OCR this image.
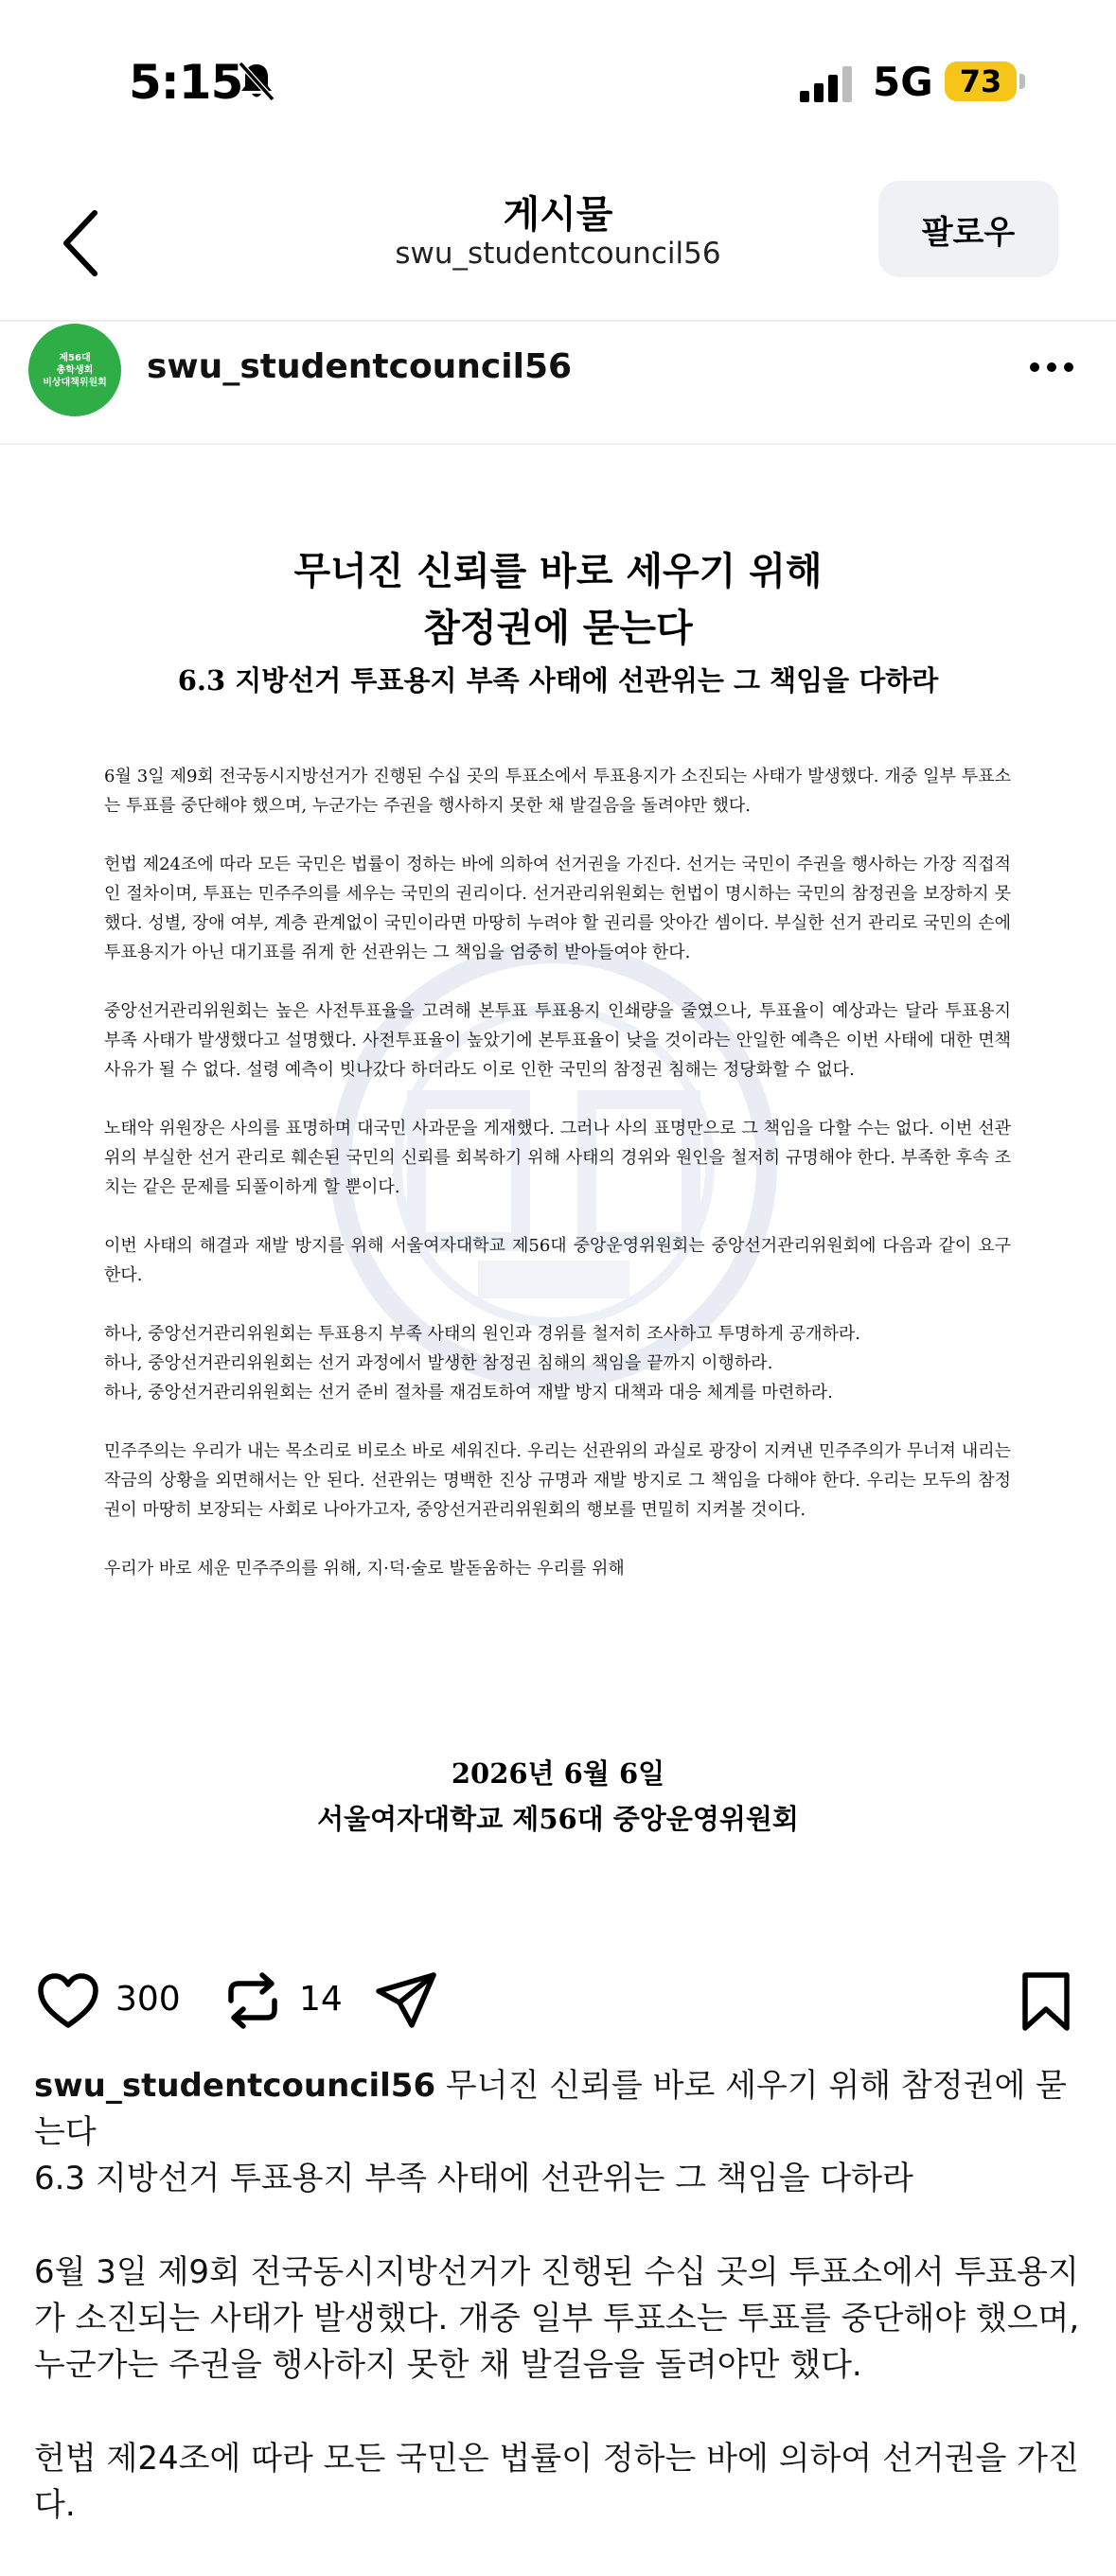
5:15	5G 73
게시물
swu_studentcouncil56
팔로우
제56대
총학생회
비상대책위원회 swu_studentcouncil56
무너진 신뢰를 바로 세우기 위해
참정권에 묻는다
6.3 지방선거 투표용지 부족 사태에 선관위는 그 책임을 다하라

6월 3일 제9회 전국동시지방선거가 진행된 수십 곳의 투표소에서 투표용지가 소진되는 사태가 발생했다. 개중 일부 투표소는 투표를 중단해야 했으며, 누군가는 주권을 행사하지 못한 채 발걸음을 돌려야만 했다.

헌법 제24조에 따라 모든 국민은 법률이 정하는 바에 의하여 선거권을 가진다. 선거는 국민이 주권을 행사하는 가장 직접적인 절차이며, 투표는 민주주의를 세우는 국민의 권리이다. 선거관리위원회는 헌법이 명시하는 국민의 참정권을 보장하지 못했다. 성별, 장애 여부, 계층 관계없이 국민이라면 마땅히 누려야 할 권리를 앗아간 셈이다. 부실한 선거 관리로 국민의 손에 투표용지가 아닌 대기표를 쥐게 한 선관위는 그 책임을 엄중히 받아들여야 한다.

중앙선거관리위원회는 높은 사전투표율을 고려해 본투표 투표용지 인쇄량을 줄였으나, 투표율이 예상과는 달라 투표용지 부족 사태가 발생했다고 설명했다. 사전투표율이 높았기에 본투표율이 낮을 것이라는 안일한 예측은 이번 사태에 대한 면책 사유가 될 수 없다. 설령 예측이 빗나갔다 하더라도 이로 인한 국민의 참정권 침해는 정당화할 수 없다.

노태악 위원장은 사의를 표명하며 대국민 사과문을 게재했다. 그러나 사의 표명만으로 그 책임을 다할 수는 없다. 이번 선관위의 부실한 선거 관리로 훼손된 국민의 신뢰를 회복하기 위해 사태의 경위와 원인을 철저히 규명해야 한다. 부족한 후속 조치는 같은 문제를 되풀이하게 할 뿐이다.

이번 사태의 해결과 재발 방지를 위해 서울여자대학교 제56대 중앙운영위원회는 중앙선거관리위원회에 다음과 같이 요구한다.

하나, 중앙선거관리위원회는 투표용지 부족 사태의 원인과 경위를 철저히 조사하고 투명하게 공개하라.

하나, 중앙선거관리위원회는 선거 과정에서 발생한 참정권 침해의 책임을 끝까지 이행하라.

하나, 중앙선거관리위원회는 선거 준비 절차를 재검토하여 재발 방지 대책과 대응 체계를 마련하라.

민주주의는 우리가 내는 목소리로 비로소 바로 세워진다. 우리는 선관위의 과실로 광장이 지켜낸 민주주의가 무너져 내리는 작금의 상황을 외면해서는 안 된다. 선관위는 명백한 진상 규명과 재발 방지로 그 책임을 다해야 한다. 우리는 모두의 참정권이 마땅히 보장되는 사회로 나아가고자, 중앙선거관리위원회의 행보를 면밀히 지켜볼 것이다.

우리가 바로 세운 민주주의를 위해, 지·덕·술로 발돋움하는 우리를 위해

2026년 6월 6일
서울여자대학교 제56대 중앙운영위원회
300	14

swu_studentcouncil56 무너진 신뢰를 바로 세우기 위해 참정권에 묻는다
6.3 지방선거 투표용지 부족 사태에 선관위는 그 책임을 다하라

6월 3일 제9회 전국동시지방선거가 진행된 수십 곳의 투표소에서 투표용지가 소진되는 사태가 발생했다. 개중 일부 투표소는 투표를 중단해야 했으며, 누군가는 주권을 행사하지 못한 채 발걸음을 돌려야만 했다.

헌법 제24조에 따라 모든 국민은 법률이 정하는 바에 의하여 선거권을 가진다.
